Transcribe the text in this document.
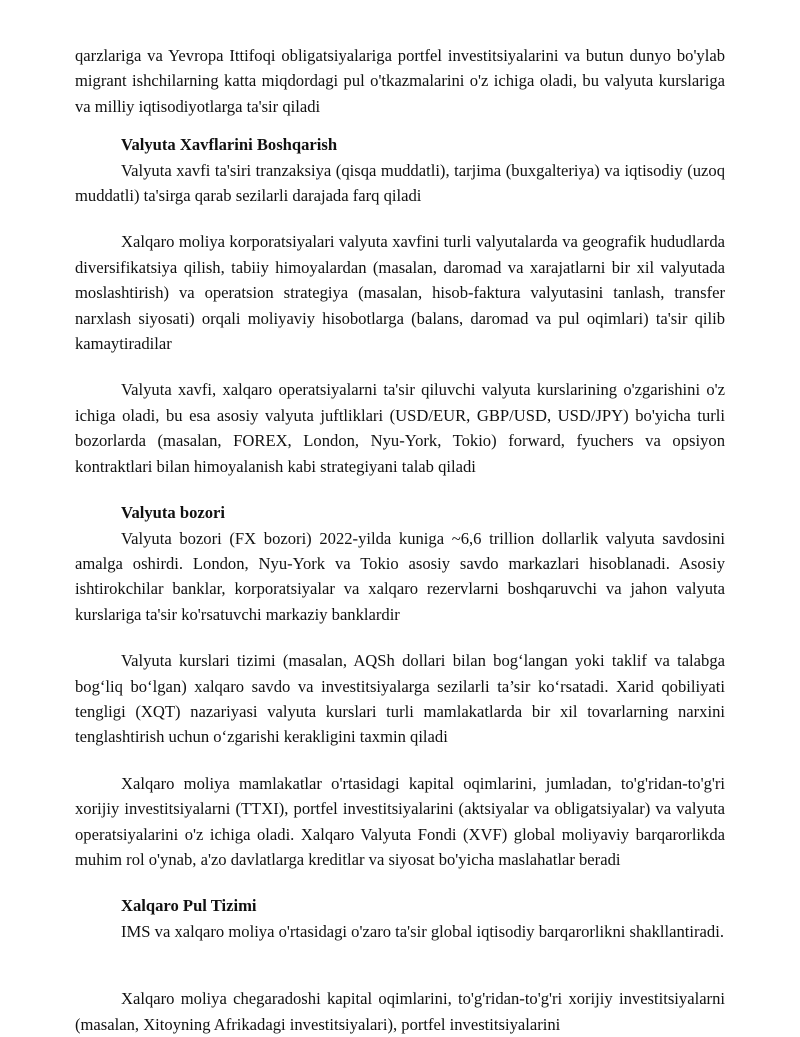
qarzlariga va Yevropa Ittifoqi obligatsiyalariga portfel investitsiyalarini va butun dunyo bo'ylab migrant ishchilarning katta miqdordagi pul o'tkazmalarini o'z ichiga oladi, bu valyuta kurslariga va milliy iqtisodiyotlarga ta'sir qiladi

Valyuta Xavflarini Boshqarish

Valyuta xavfi ta'siri tranzaksiya (qisqa muddatli), tarjima (buxgalteriya) va iqtisodiy (uzoq muddatli) ta'sirga qarab sezilarli darajada farq qiladi

Xalqaro moliya korporatsiyalari valyuta xavfini turli valyutalarda va geografik hududlarda diversifikatsiya qilish, tabiiy himoyalardan (masalan, daromad va xarajatlarni bir xil valyutada moslashtirish) va operatsion strategiya (masalan, hisob-faktura valyutasini tanlash, transfer narxlash siyosati) orqali moliyaviy hisobotlarga (balans, daromad va pul oqimlari) ta'sir qilib kamaytiradilar

Valyuta xavfi, xalqaro operatsiyalarni ta'sir qiluvchi valyuta kurslarining o'zgarishini o'z ichiga oladi, bu esa asosiy valyuta juftliklari (USD/EUR, GBP/USD, USD/JPY) bo'yicha turli bozorlarda (masalan, FOREX, London, Nyu-York, Tokio) forward, fyuchers va opsiyon kontraktlari bilan himoyalanish kabi strategiyani talab qiladi

Valyuta bozori

Valyuta bozori (FX bozori) 2022-yilda kuniga ~6,6 trillion dollarlik valyuta savdosini amalga oshirdi. London, Nyu-York va Tokio asosiy savdo markazlari hisoblanadi. Asosiy ishtirokchilar banklar, korporatsiyalar va xalqaro rezervlarni boshqaruvchi va jahon valyuta kurslariga ta'sir ko'rsatuvchi markaziy banklardir

Valyuta kurslari tizimi (masalan, AQSh dollari bilan bog‘langan yoki taklif va talabga bog‘liq bo‘lgan) xalqaro savdo va investitsiyalarga sezilarli ta’sir ko‘rsatadi. Xarid qobiliyati tengligi (XQT) nazariyasi valyuta kurslari turli mamlakatlarda bir xil tovarlarning narxini tenglashtirish uchun o‘zgarishi kerakligini taxmin qiladi

Xalqaro moliya mamlakatlar o'rtasidagi kapital oqimlarini, jumladan, to'g'ridan-to'g'ri xorijiy investitsiyalarni (TTXI), portfel investitsiyalarini (aktsiyalar va obligatsiyalar) va valyuta operatsiyalarini o'z ichiga oladi. Xalqaro Valyuta Fondi (XVF) global moliyaviy barqarorlikda muhim rol o'ynab, a'zo davlatlarga kreditlar va siyosat bo'yicha maslahatlar beradi

Xalqaro Pul Tizimi

IMS va xalqaro moliya o'rtasidagi o'zaro ta'sir global iqtisodiy barqarorlikni shakllantiradi.

Xalqaro moliya chegaradoshi kapital oqimlarini, to'g'ridan-to'g'ri xorijiy investitsiyalarni (masalan, Xitoyning Afrikadagi investitsiyalari), portfel investitsiyalarini
